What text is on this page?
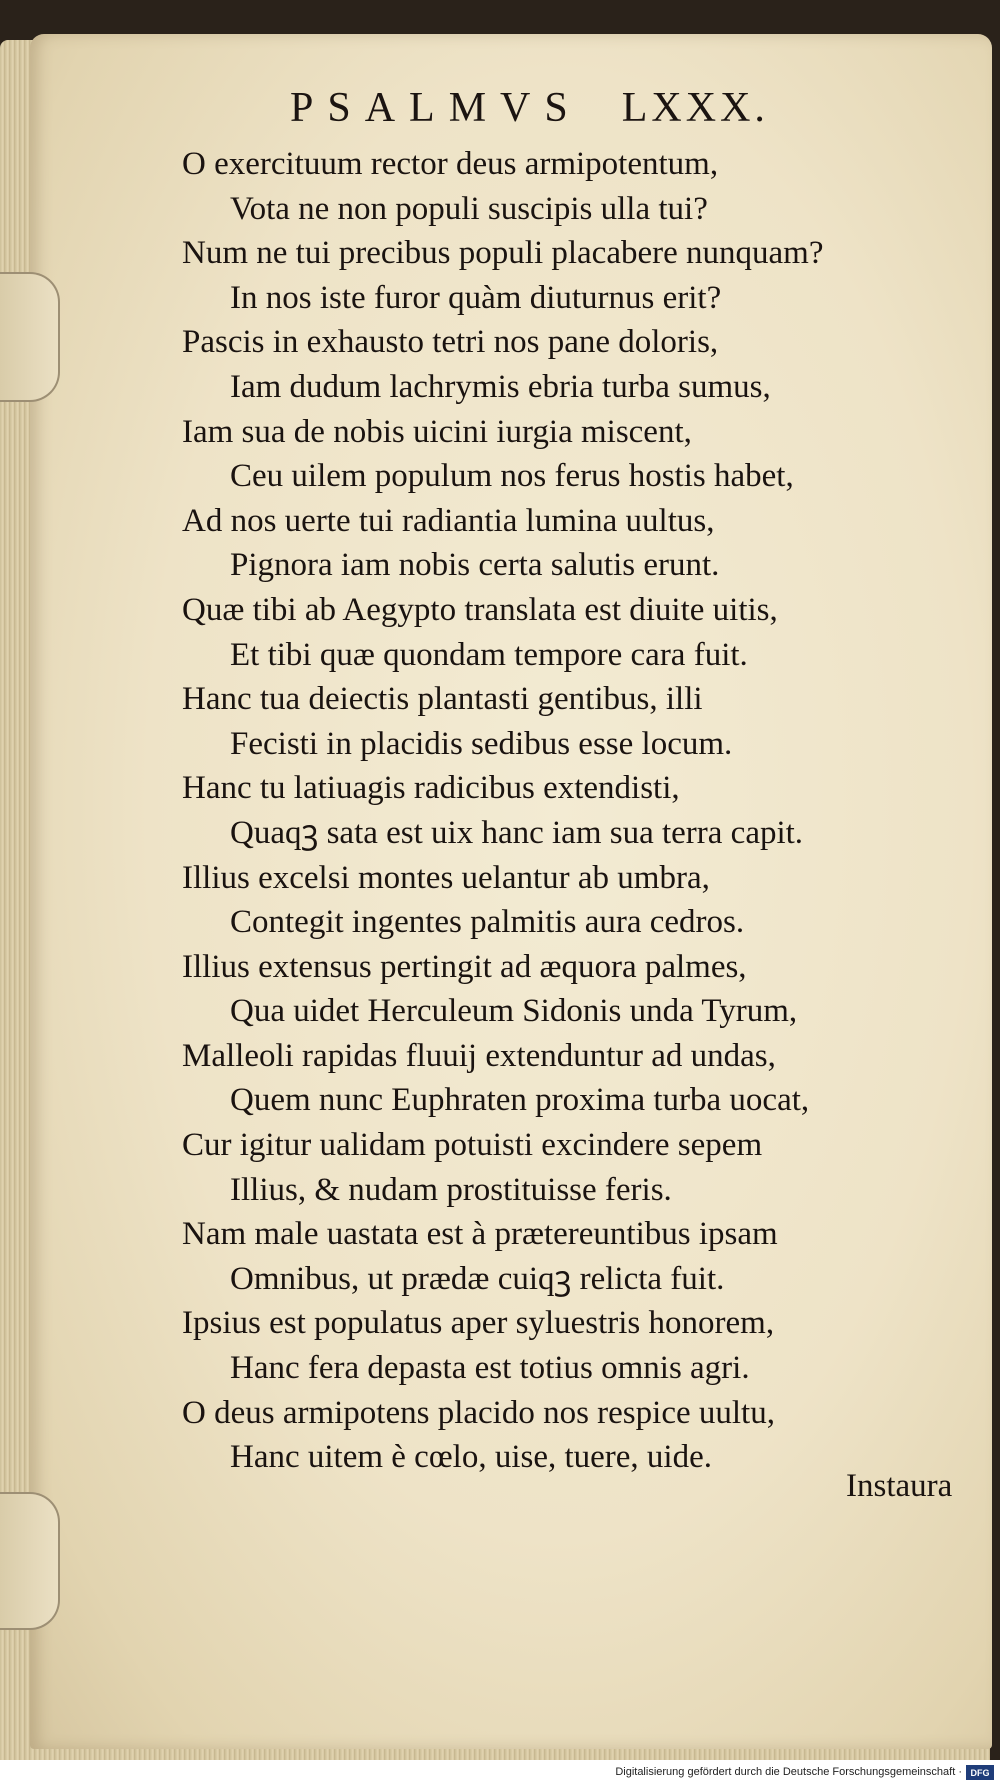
PSALMVS LXXX.
O exercituum rector deus armipotentum,
Vota ne non populi suscipis ulla tui?
Num ne tui precibus populi placabere nunquam?
In nos iste furor quàm diuturnus erit?
Pascis in exhausto tetri nos pane doloris,
Iam dudum lachrymis ebria turba sumus,
Iam sua de nobis uicini iurgia miscent,
Ceu uilem populum nos ferus hostis habet,
Ad nos uerte tui radiantia lumina uultus,
Pignora iam nobis certa salutis erunt.
Quæ tibi ab Aegypto translata est diuite uitis,
Et tibi quæ quondam tempore cara fuit.
Hanc tua deiectis plantasti gentibus, illi
Fecisti in placidis sedibus esse locum.
Hanc tu latiuagis radicibus extendisti,
Quaqꝫ sata est uix hanc iam sua terra capit.
Illius excelsi montes uelantur ab umbra,
Contegit ingentes palmitis aura cedros.
Illius extensus pertingit ad æquora palmes,
Qua uidet Herculeum Sidonis unda Tyrum,
Malleoli rapidas fluuij extenduntur ad undas,
Quem nunc Euphraten proxima turba uocat,
Cur igitur ualidam potuisti excindere sepem
Illius, & nudam prostituisse feris.
Nam male uastata est à prætereuntibus ipsam
Omnibus, ut prædæ cuiqꝫ relicta fuit.
Ipsius est populatus aper syluestris honorem,
Hanc fera depasta est totius omnis agri.
O deus armipotens placido nos respice uultu,
Hanc uitem è cœlo, uise, tuere, uide.
Instaura
Digitalisierung gefördert durch die Deutsche Forschungsgemeinschaft · DFG
